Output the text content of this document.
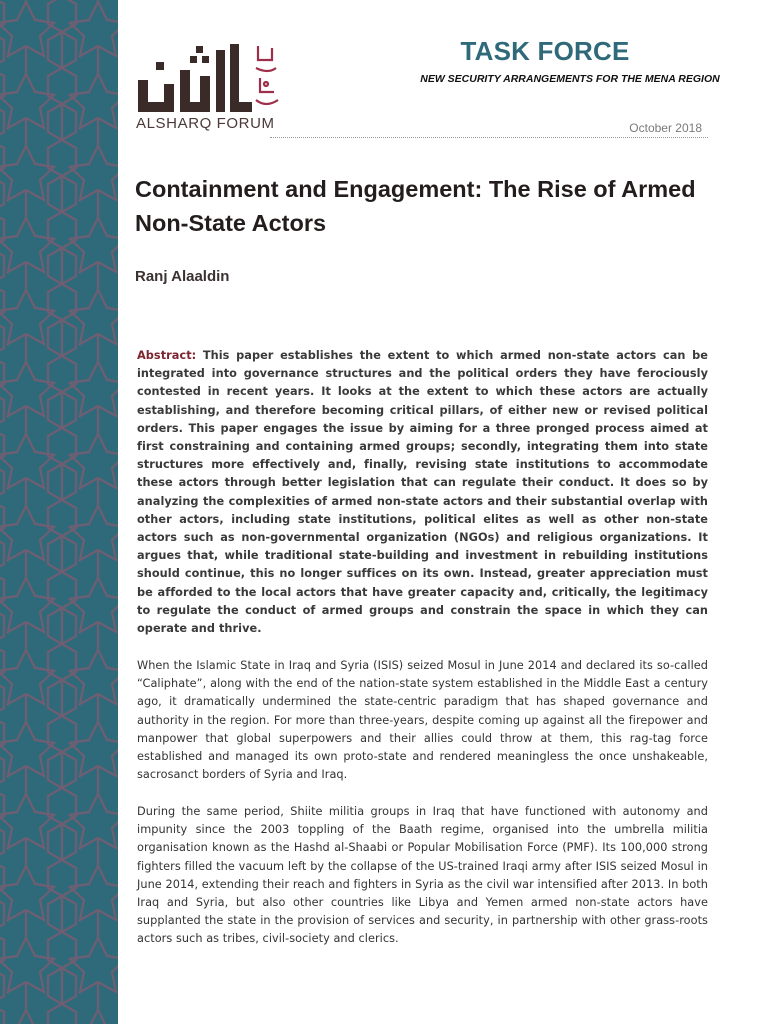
ALSHARQ FORUM
TASK FORCE
NEW SECURITY ARRANGEMENTS FOR THE MENA REGION
October 2018
Containment and Engagement: The Rise of Armed Non-State Actors
Ranj Alaaldin

Abstract: This paper establishes the extent to which armed non-state actors can be integrated into governance structures and the political orders they have ferociously contested in recent years. It looks at the extent to which these actors are actually establishing, and therefore becoming critical pillars, of either new or revised political orders. This paper engages the issue by aiming for a three pronged process aimed at first constraining and containing armed groups; secondly, integrating them into state structures more effectively and, finally, revising state institutions to accommodate these actors through better legislation that can regulate their conduct. It does so by analyzing the complexities of armed non-state actors and their substantial overlap with other actors, including state institutions, political elites as well as other non-state actors such as non-governmental organization (NGOs) and religious organizations. It argues that, while traditional state-building and investment in rebuilding institutions should continue, this no longer suffices on its own. Instead, greater appreciation must be afforded to the local actors that have greater capacity and, critically, the legitimacy to regulate the conduct of armed groups and constrain the space in which they can operate and thrive.

When the Islamic State in Iraq and Syria (ISIS) seized Mosul in June 2014 and declared its so-called “Caliphate”, along with the end of the nation-state system established in the Middle East a century ago, it dramatically undermined the state-centric paradigm that has shaped governance and authority in the region. For more than three-years, despite coming up against all the firepower and manpower that global superpowers and their allies could throw at them, this rag-tag force established and managed its own proto-state and rendered meaningless the once unshakeable, sacrosanct borders of Syria and Iraq.

During the same period, Shiite militia groups in Iraq that have functioned with autonomy and impunity since the 2003 toppling of the Baath regime, organised into the umbrella militia organisation known as the Hashd al-Shaabi or Popular Mobilisation Force (PMF). Its 100,000 strong fighters filled the vacuum left by the collapse of the US-trained Iraqi army after ISIS seized Mosul in June 2014, extending their reach and fighters in Syria as the civil war intensified after 2013. In both Iraq and Syria, but also other countries like Libya and Yemen armed non-state actors have supplanted the state in the provision of services and security, in partnership with other grass-roots actors such as tribes, civil-society and clerics.
